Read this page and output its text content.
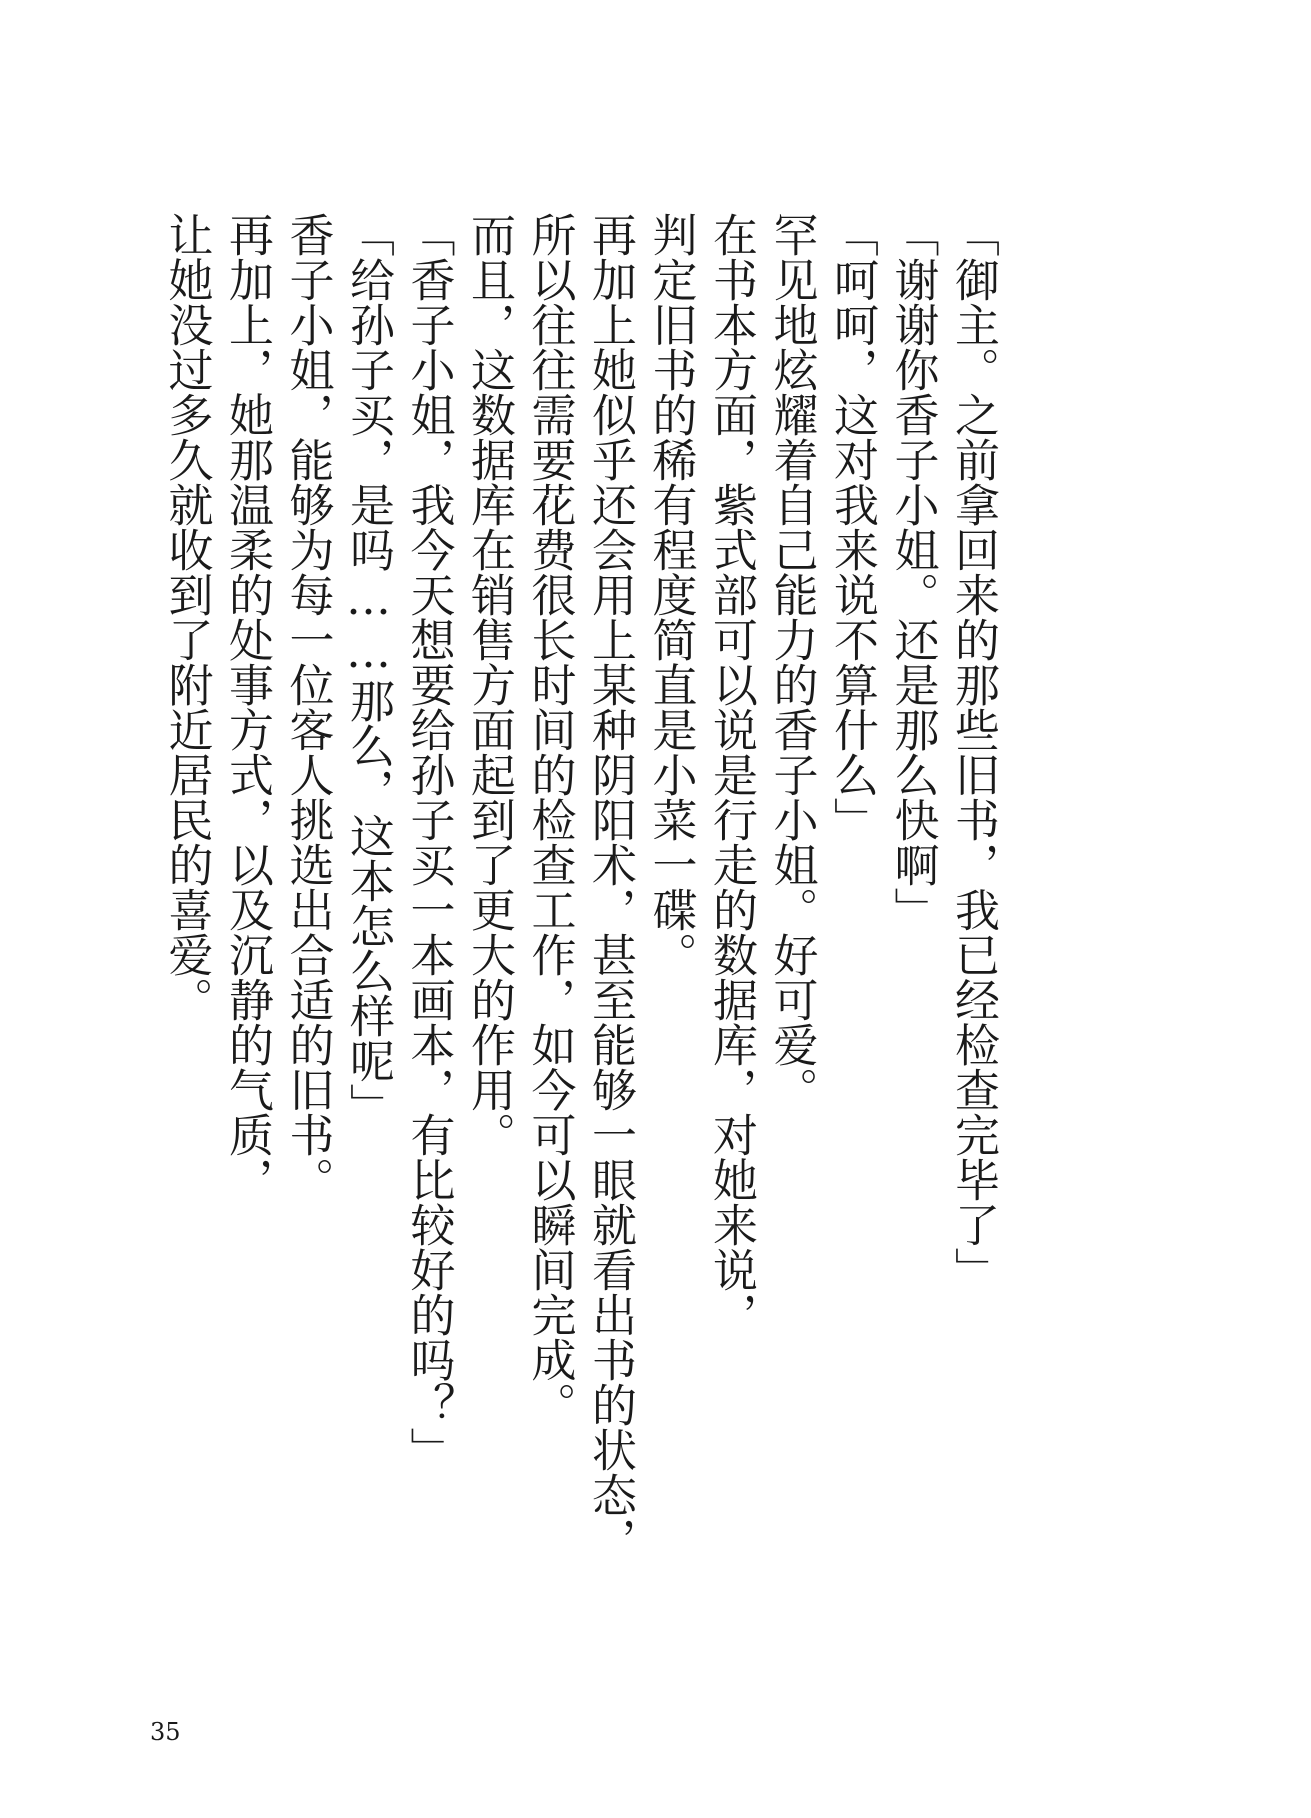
「御主。之前拿回来的那些旧书，我已经检查完毕了」
「谢谢你香子小姐。还是那么快啊」
「呵呵，这对我来说不算什么」
罕见地炫耀着自己能力的香子小姐。好可爱。
在书本方面，紫式部可以说是行走的数据库，对她来说，
判定旧书的稀有程度简直是小菜一碟。
再加上她似乎还会用上某种阴阳术，甚至能够一眼就看出书的状态，
所以往往需要花费很长时间的检查工作，如今可以瞬间完成。
而且，这数据库在销售方面起到了更大的作用。
「香子小姐，我今天想要给孙子买一本画本，有比较好的吗？」
「给孙子买，是吗……那么，这本怎么样呢」
香子小姐，能够为每一位客人挑选出合适的旧书。
再加上，她那温柔的处事方式，以及沉静的气质，
让她没过多久就收到了附近居民的喜爱。
35
